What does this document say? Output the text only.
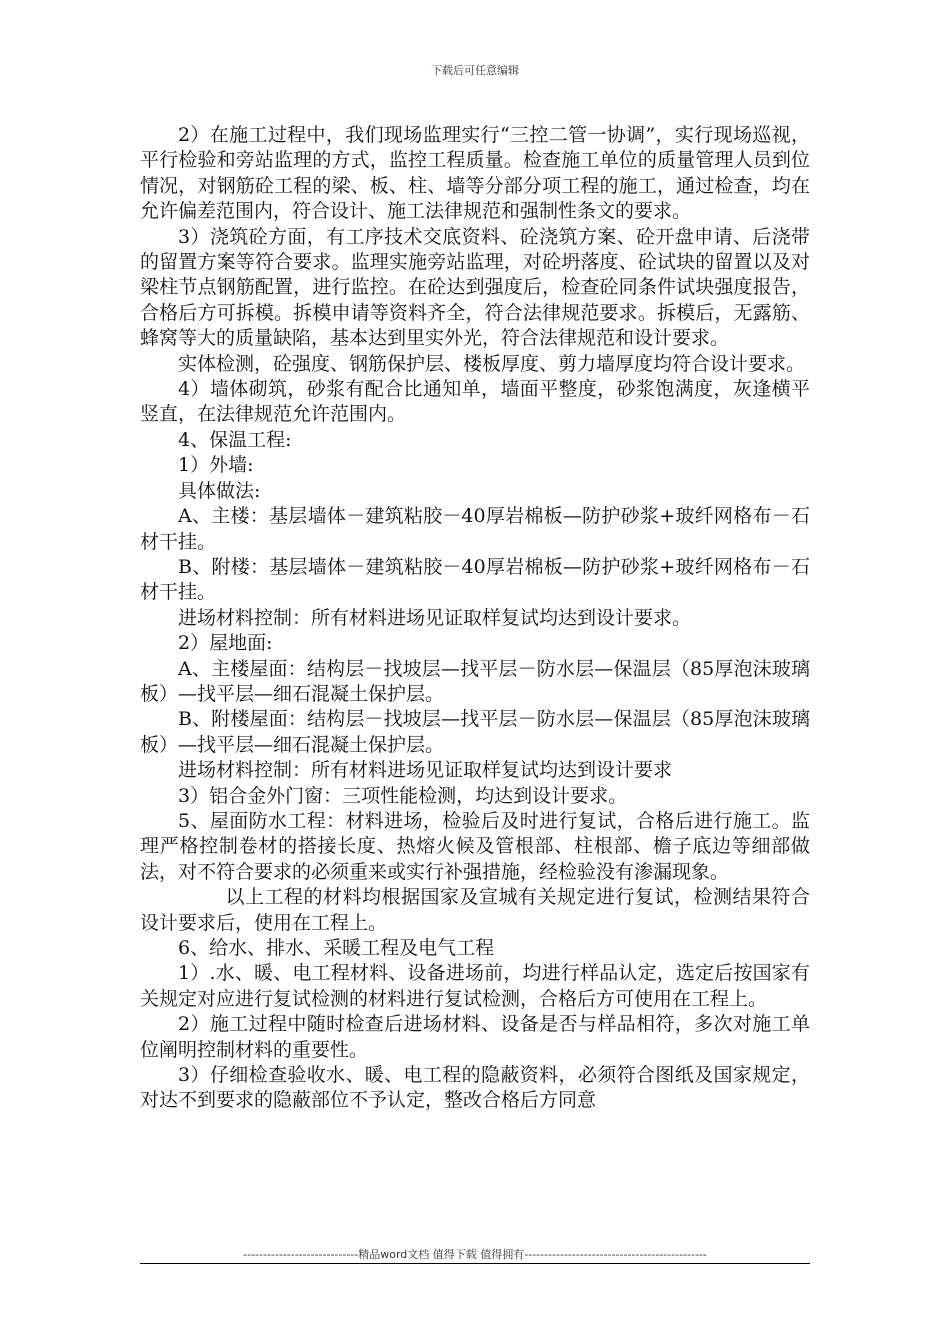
下载后可任意编辑

2）在施工过程中，我们现场监理实行“三控二管一协调”，实行现场巡视，平行检验和旁站监理的方式，监控工程质量。检查施工单位的质量管理人员到位情况，对钢筋砼工程的梁、板、柱、墙等分部分项工程的施工，通过检查，均在允许偏差范围内，符合设计、施工法律规范和强制性条文的要求。

3）浇筑砼方面，有工序技术交底资料、砼浇筑方案、砼开盘申请、后浇带的留置方案等符合要求。监理实施旁站监理，对砼坍落度、砼试块的留置以及对梁柱节点钢筋配置，进行监控。在砼达到强度后，检查砼同条件试块强度报告，合格后方可拆模。拆模申请等资料齐全，符合法律规范要求。拆模后，无露筋、蜂窝等大的质量缺陷，基本达到里实外光，符合法律规范和设计要求。

实体检测，砼强度、钢筋保护层、楼板厚度、剪力墙厚度均符合设计要求。

4）墙体砌筑，砂浆有配合比通知单，墙面平整度，砂浆饱满度，灰逢横平竖直，在法律规范允许范围内。

4、保温工程:

1）外墙:

具体做法:

A、主楼：基层墙体－建筑粘胶－40厚岩棉板—防护砂浆+玻纤网格布－石材干挂。

B、附楼：基层墙体－建筑粘胶－40厚岩棉板—防护砂浆+玻纤网格布－石材干挂。

进场材料控制：所有材料进场见证取样复试均达到设计要求。

2）屋地面:

A、主楼屋面：结构层－找坡层—找平层－防水层—保温层（85厚泡沫玻璃板）—找平层—细石混凝土保护层。

B、附楼屋面：结构层－找坡层—找平层－防水层—保温层（85厚泡沫玻璃板）—找平层—细石混凝土保护层。

进场材料控制：所有材料进场见证取样复试均达到设计要求

3）铝合金外门窗：三项性能检测，均达到设计要求。

5、屋面防水工程：材料进场，检验后及时进行复试，合格后进行施工。监理严格控制卷材的搭接长度、热熔火候及管根部、柱根部、檐子底边等细部做法，对不符合要求的必须重来或实行补强措施，经检验没有渗漏现象。

以上工程的材料均根据国家及宣城有关规定进行复试，检测结果符合设计要求后，使用在工程上。

6、给水、排水、采暖工程及电气工程

1）.水、暖、电工程材料、设备进场前，均进行样品认定，选定后按国家有关规定对应进行复试检测的材料进行复试检测，合格后方可使用在工程上。

2）施工过程中随时检查后进场材料、设备是否与样品相符，多次对施工单位阐明控制材料的重要性。

3）仔细检查验收水、暖、电工程的隐蔽资料，必须符合图纸及国家规定，对达不到要求的隐蔽部位不予认定，整改合格后方同意

-----------------------------精品word文档 值得下载 值得拥有----------------------------------------------
